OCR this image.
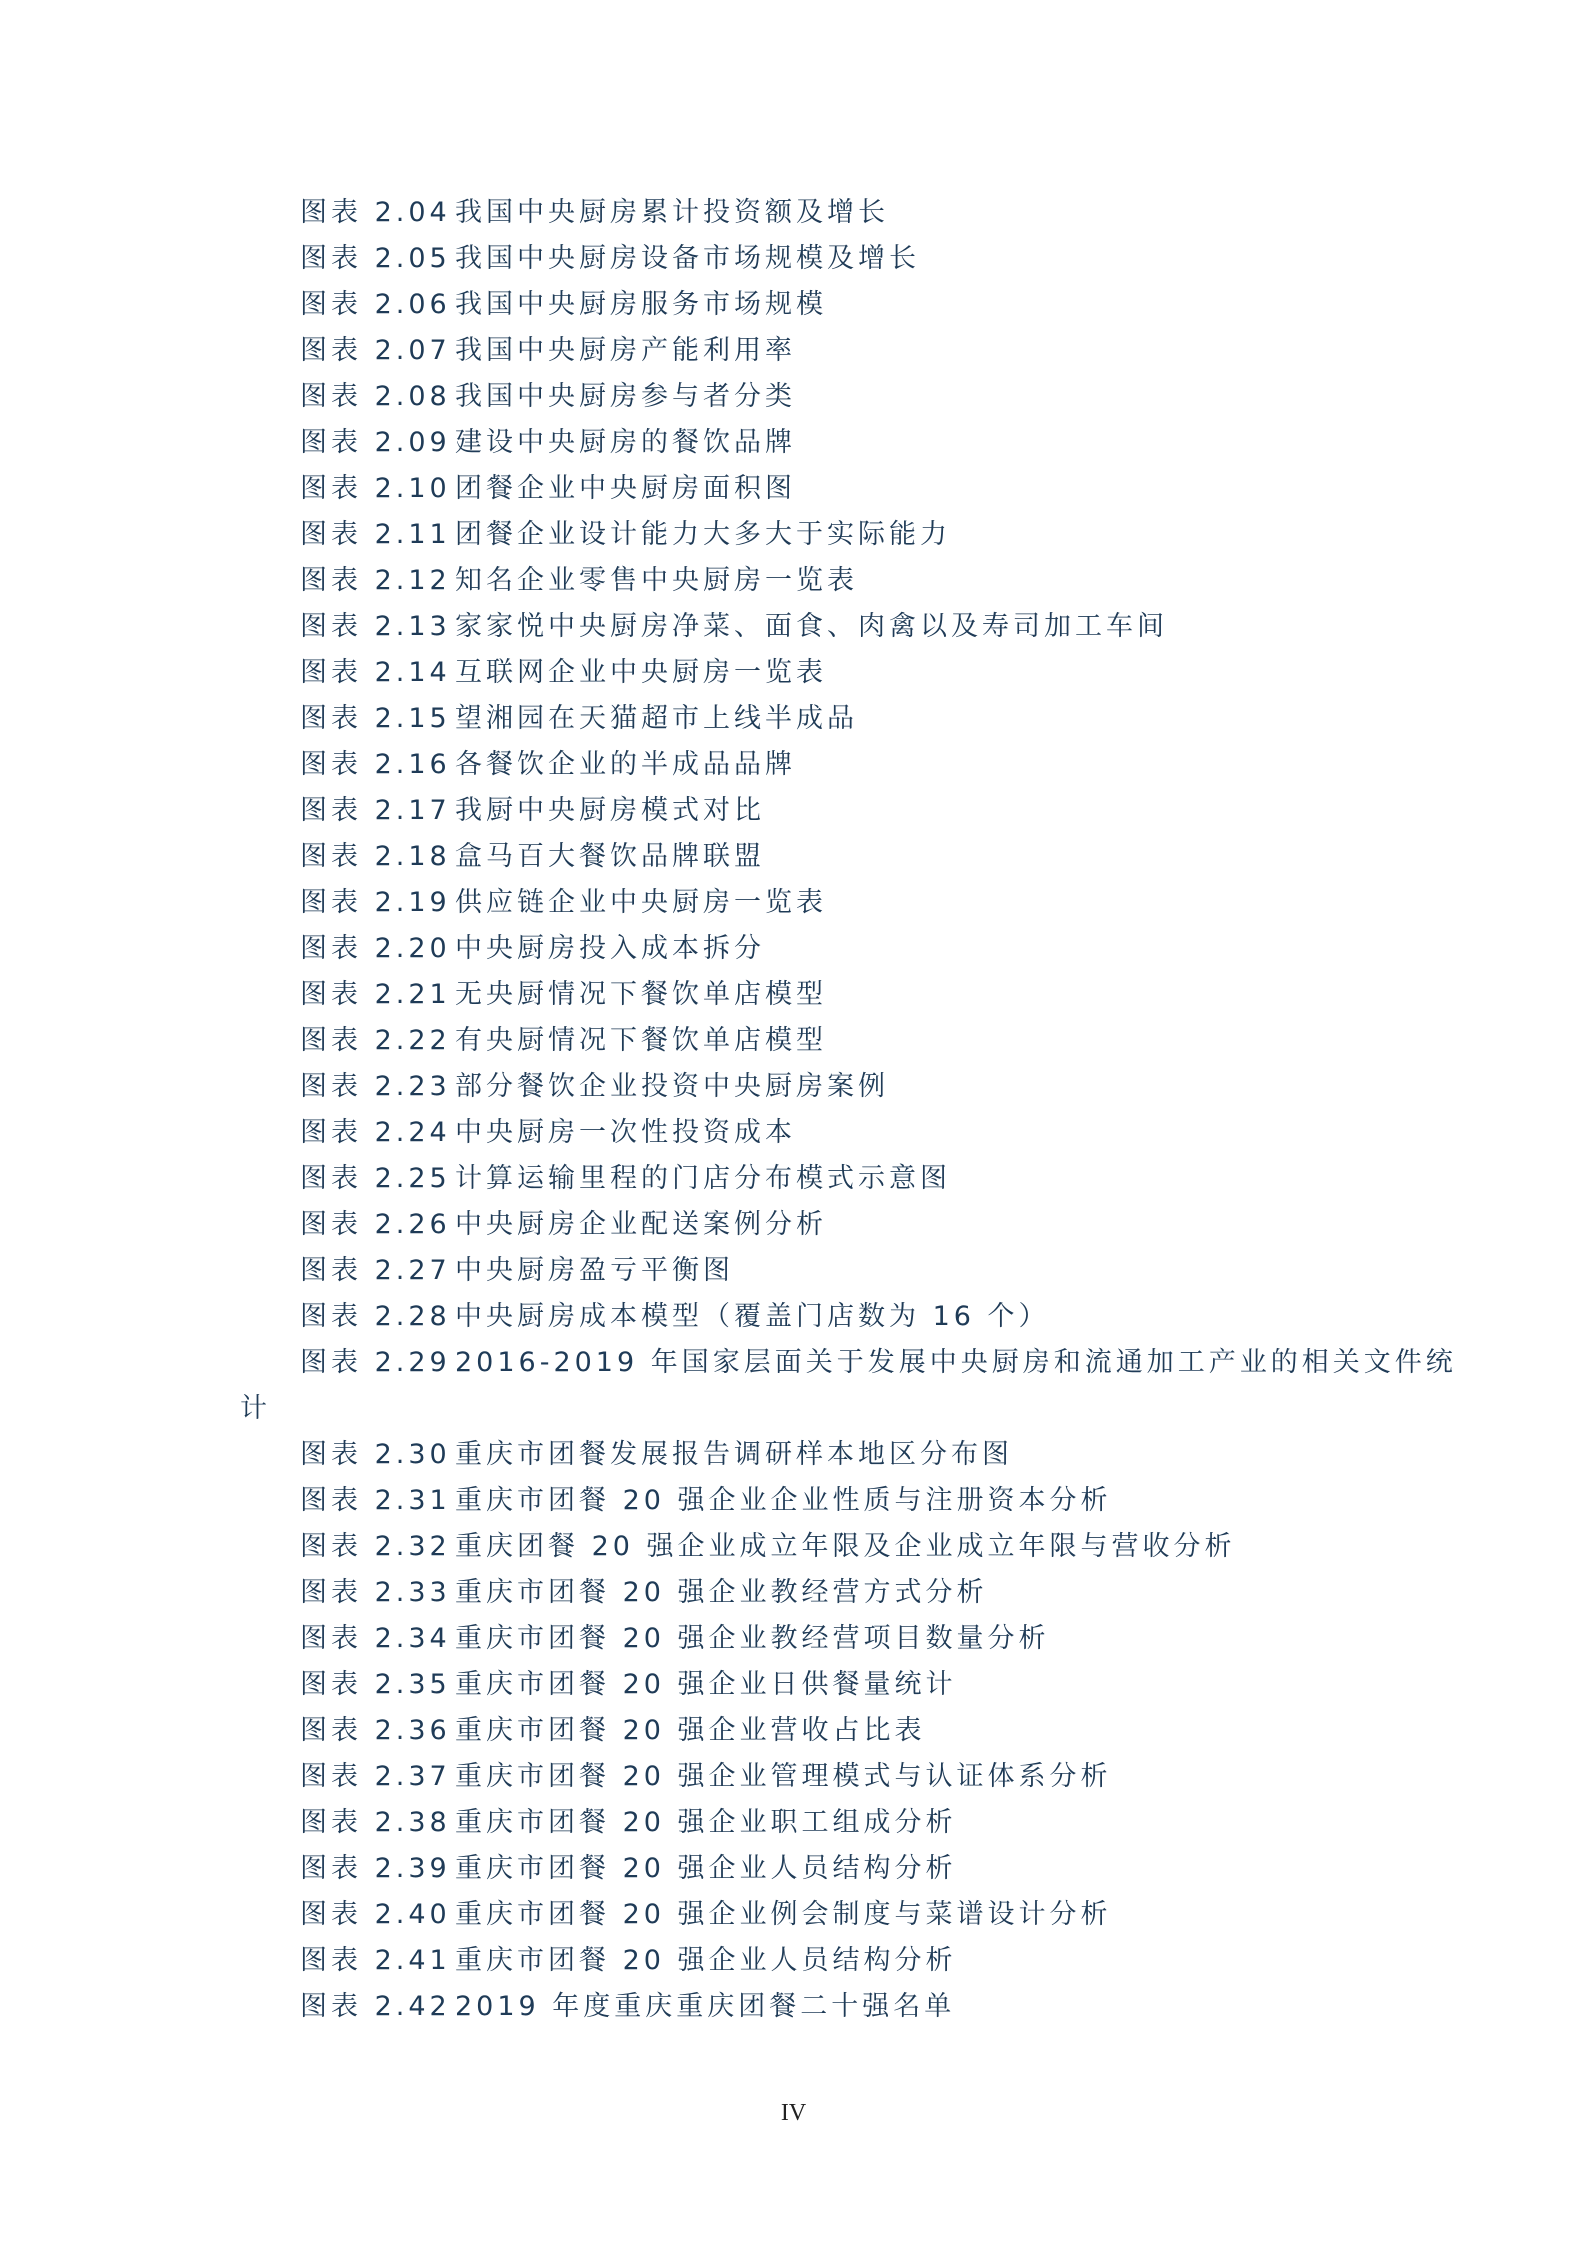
图表 2.04 我国中央厨房累计投资额及增长
图表 2.05 我国中央厨房设备市场规模及增长
图表 2.06 我国中央厨房服务市场规模
图表 2.07 我国中央厨房产能利用率
图表 2.08 我国中央厨房参与者分类
图表 2.09建设中央厨房的餐饮品牌
图表 2.10 团餐企业中央厨房面积图
图表 2.11 团餐企业设计能力大多大于实际能力
图表 2.12 知名企业零售中央厨房一览表
图表 2.13 家家悦中央厨房净菜、面食、肉禽以及寿司加工车间
图表 2.14 互联网企业中央厨房一览表
图表 2.15 望湘园在天猫超市上线半成品
图表 2.16 各餐饮企业的半成品品牌
图表 2.17 我厨中央厨房模式对比
图表 2.18 盒马百大餐饮品牌联盟
图表 2.19 供应链企业中央厨房一览表
图表 2.20 中央厨房投入成本拆分
图表 2.21 无央厨情况下餐饮单店模型
图表 2.22 有央厨情况下餐饮单店模型
图表 2.23 部分餐饮企业投资中央厨房案例
图表 2.24 中央厨房一次性投资成本
图表 2.25 计算运输里程的门店分布模式示意图
图表 2.26 中央厨房企业配送案例分析
图表 2.27 中央厨房盈亏平衡图
图表 2.28 中央厨房成本模型（覆盖门店数为 16 个）
图表 2.29 2016-2019 年国家层面关于发展中央厨房和流通加工产业的相关文件统
计
图表 2.30 重庆市团餐发展报告调研样本地区分布图
图表 2.31 重庆市团餐 20 强企业企业性质与注册资本分析
图表 2.32 重庆团餐 20 强企业成立年限及企业成立年限与营收分析
图表 2.33 重庆市团餐 20 强企业教经营方式分析
图表 2.34 重庆市团餐 20 强企业教经营项目数量分析
图表 2.35 重庆市团餐 20 强企业日供餐量统计
图表 2.36 重庆市团餐 20 强企业营收占比表
图表 2.37 重庆市团餐 20 强企业管理模式与认证体系分析
图表 2.38 重庆市团餐 20 强企业职工组成分析
图表 2.39 重庆市团餐 20 强企业人员结构分析
图表 2.40 重庆市团餐 20 强企业例会制度与菜谱设计分析
图表 2.41 重庆市团餐 20 强企业人员结构分析
图表 2.42 2019 年度重庆重庆团餐二十强名单
IV
